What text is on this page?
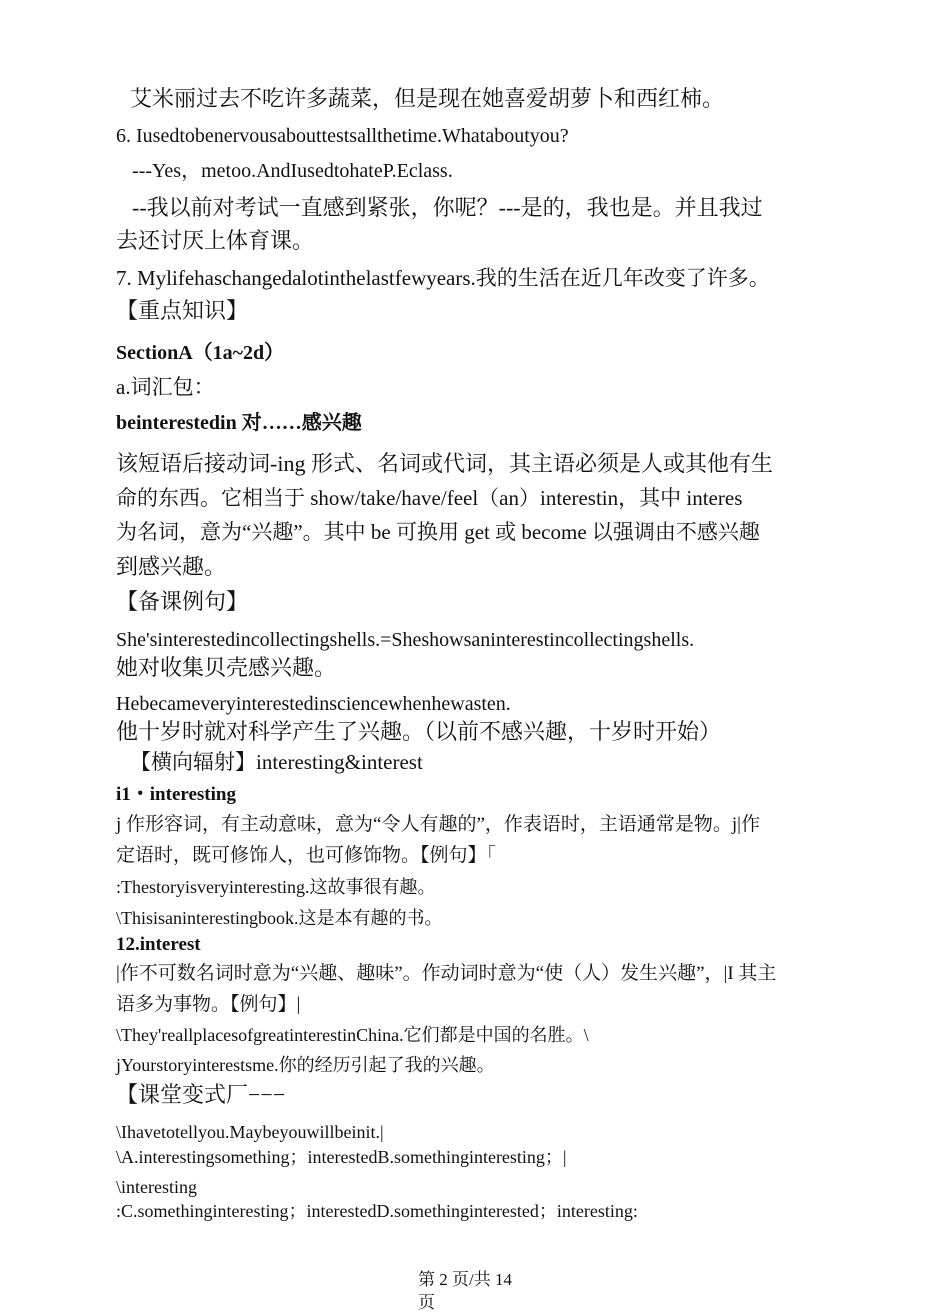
艾米丽过去不吃许多蔬菜，但是现在她喜爱胡萝卜和西红柿。
6. Iusedtobenervousabouttestsallthetime.Whataboutyou?
---Yes，metoo.AndIusedtohateP.Eclass.
--我以前对考试一直感到紧张，你呢？---是的，我也是。并且我过
去还讨厌上体育课。
7. Mylifehaschangedalotinthelastfewyears.我的生活在近几年改变了许多。
【重点知识】
SectionA（1a~2d）
a.词汇包：
beinterestedin 对……感兴趣
该短语后接动词-ing 形式、名词或代词，其主语必须是人或其他有生
命的东西。它相当于 show/take/have/feel（an）interestin，其中 interes
为名词，意为“兴趣”。其中 be 可换用 get 或 become 以强调由不感兴趣
到感兴趣。
【备课例句】
She'sinterestedincollectingshells.=Sheshowsaninterestincollectingshells.
她对收集贝壳感兴趣。
Hebecameveryinterestedinsciencewhenhewasten.
他十岁时就对科学产生了兴趣。（以前不感兴趣，十岁时开始）
【横向辐射】interesting&interest
i1・interesting
j 作形容词，有主动意味，意为“令人有趣的”，作表语时，主语通常是物。j|作
定语时，既可修饰人，也可修饰物。【例句】「
:Thestoryisveryinteresting.这故事很有趣。
\Thisisaninterestingbook.这是本有趣的书。
12.interest
|作不可数名词时意为“兴趣、趣味”。作动词时意为“使（人）发生兴趣”，|I 其主
语多为事物。【例句】|
\They'reallplacesofgreatinterestinChina.它们都是中国的名胜。\
jYourstoryinterestsme.你的经历引起了我的兴趣。
【课堂变式厂−−−
\Ihavetotellyou.Maybeyouwillbeinit.|
\A.interestingsomething；interestedB.somethinginteresting；|
\interesting
:C.somethinginteresting；interestedD.somethinginterested；interesting:
第 2 页/共 14
页
